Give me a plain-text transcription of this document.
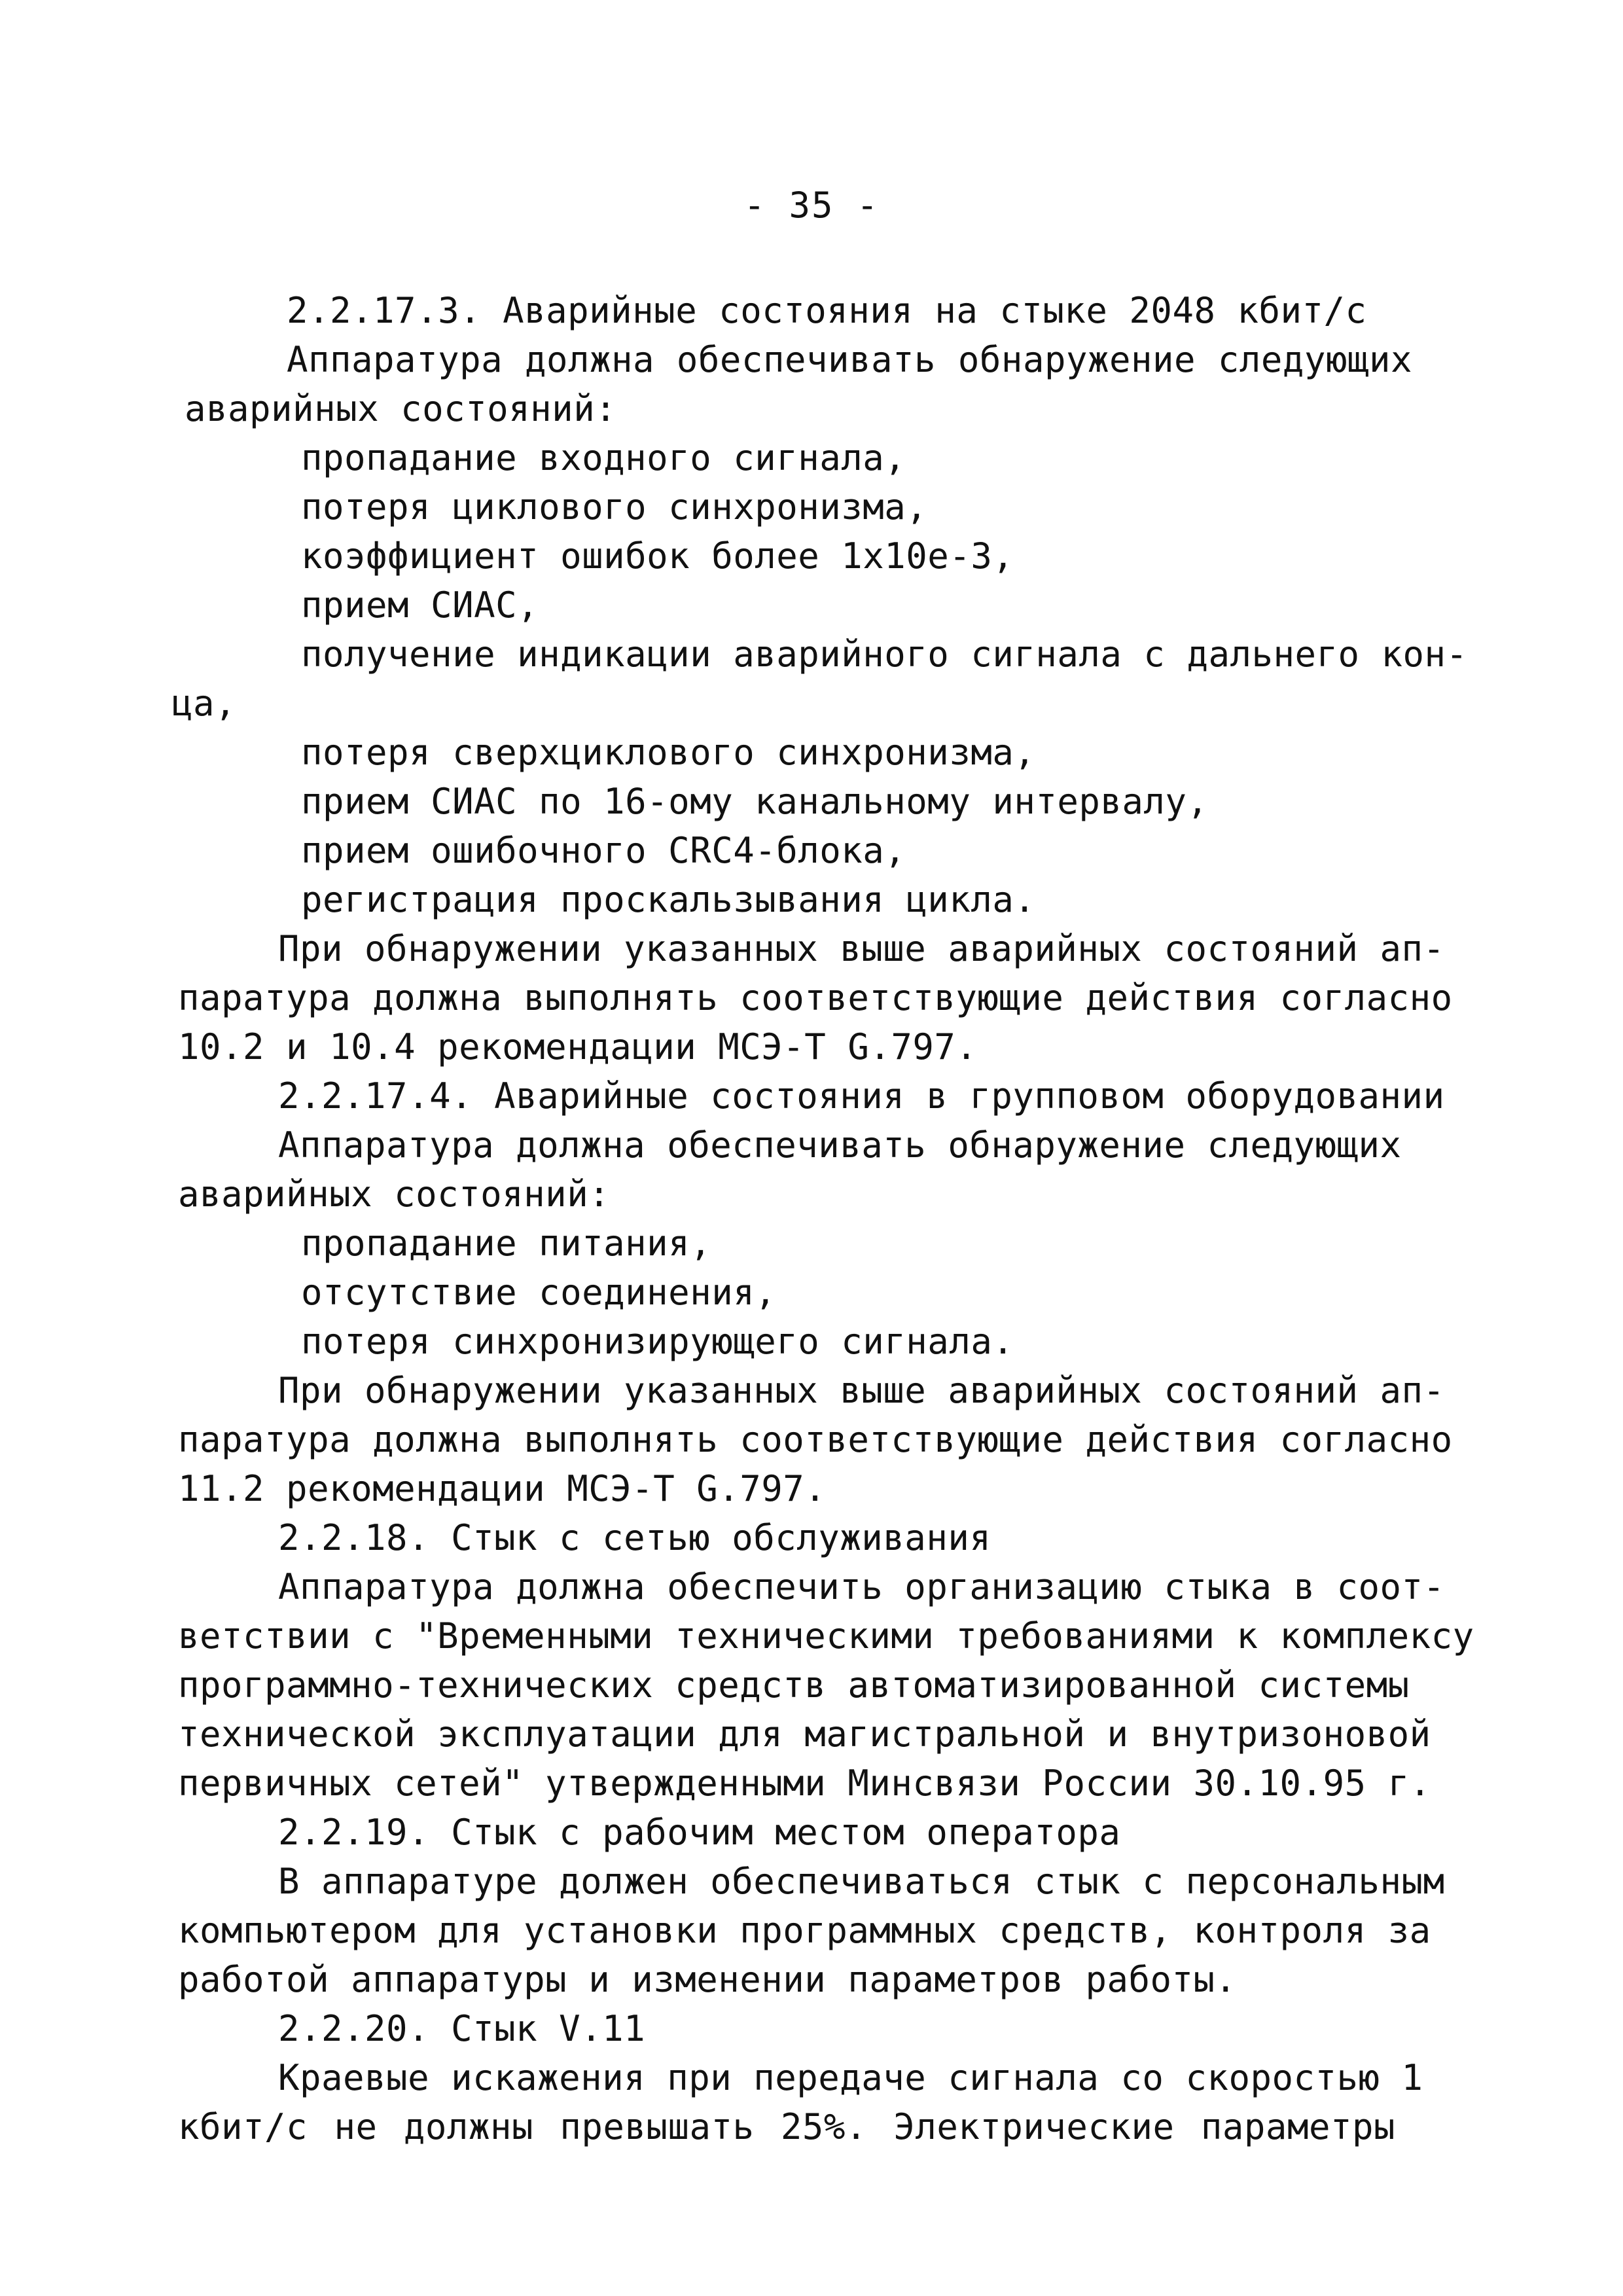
- 35 -
2.2.17.3. Аварийные состояния на стыке 2048 кбит/с
Аппаратура должна обеспечивать обнаружение следующих
аварийных состояний:
пропадание входного сигнала,
потеря циклового синхронизма,
коэффициент ошибок более 1x10e-3,
прием СИАС,
получение индикации аварийного сигнала с дальнего кон-
ца,
потеря сверхциклового синхронизма,
прием СИАС по 16-ому канальному интервалу,
прием ошибочного CRC4-блока,
регистрация проскальзывания цикла.
При обнаружении указанных выше аварийных состояний ап-
паратура должна выполнять соответствующие действия согласно
10.2 и 10.4 рекомендации МСЭ-Т G.797.
2.2.17.4. Аварийные состояния в групповом оборудовании
Аппаратура должна обеспечивать обнаружение следующих
аварийных состояний:
пропадание питания,
отсутствие соединения,
потеря синхронизирующего сигнала.
При обнаружении указанных выше аварийных состояний ап-
паратура должна выполнять соответствующие действия согласно
11.2 рекомендации МСЭ-Т G.797.
2.2.18. Стык с сетью обслуживания
Аппаратура должна обеспечить организацию стыка в соот-
ветствии с "Временными техническими требованиями к комплексу
программно-технических средств автоматизированной системы
технической эксплуатации для магистральной и внутризоновой
первичных сетей" утвержденными Минсвязи России 30.10.95 г.
2.2.19. Стык с рабочим местом оператора
В аппаратуре должен обеспечиваться стык с персональным
компьютером для установки программных средств, контроля за
работой аппаратуры и изменении параметров работы.
2.2.20. Стык V.11
Краевые искажения при передаче сигнала со скоростью 1
кбит/с не должны превышать 25%. Электрические параметры
